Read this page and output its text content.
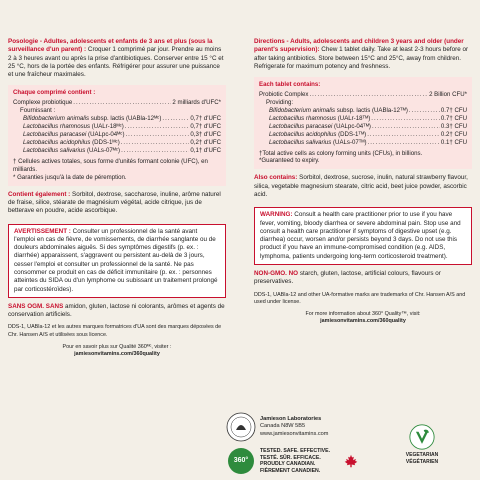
Posologie - Adultes, adolescents et enfants de 3 ans et plus (sous la surveillance d'un parent) : Croquer 1 comprimé par jour. Prendre au moins 2 à 3 heures avant ou après la prise d'antibiotiques. Conserver entre 15 °C et 25 °C, hors de la portée des enfants. Réfrigérer pour assurer une puissance et une fraîcheur maximales.
Chaque comprimé contient :
Complexe probiotique .....	2 milliards d'UFC*
Fournissant :
Bifidobacterium animalis subsp. lactis (UABla-12ᴹᶜ) .....	0,7† d'UFC
Lactobacillus rhamnosus (UALr-18ᴹᶜ) .....	0,7† d'UFC
Lactobacillus paracasei (UALpc-04ᴹᶜ) .....	0,3† d'UFC
Lactobacillus acidophilus (DDS-1ᴹᶜ) .....	0,2† d'UFC
Lactobacillus salivarius (UALs-07ᴹᶜ) .....	0,1† d'UFC
† Cellules actives totales, sous forme d'unités formant colonie (UFC), en milliards.
* Garanties jusqu'à la date de péremption.
Contient également : Sorbitol, dextrose, saccharose, inuline, arôme naturel de fraise, silice, stéarate de magnésium végétal, acide citrique, jus de betterave en poudre, acide ascorbique.
AVERTISSEMENT : Consulter un professionnel de la santé avant l'emploi en cas de fièvre, de vomissements, de diarrhée sanglante ou de douleurs abdominales aiguës. Si des symptômes digestifs (p. ex. : diarrhée) apparaissent, s'aggravent ou persistent au-delà de 3 jours, cesser l'emploi et consulter un professionnel de la santé. Ne pas consommer ce produit en cas de déficit immunitaire (p. ex. : personnes atteintes du SIDA ou d'un lymphome ou subissant un traitement prolongé par corticostéroïdes).
SANS OGM. SANS amidon, gluten, lactose ni colorants, arômes et agents de conservation artificiels.
DDS-1, UABla-12 et les autres marques formatrices d'UA sont des marques déposées de Chr. Hansen A/S et utilisées sous licence.
Pour en savoir plus sur Qualité 360ᴹᶜ, visiter :
jamiesonvitamins.com/360quality
Directions - Adults, adolescents and children 3 years and older (under parent's supervision): Chew 1 tablet daily. Take at least 2-3 hours before or after taking antibiotics. Store between 15°C and 25°C, away from children. Refrigerate for maximum potency and freshness.
Each tablet contains:
Probiotic Complex .....	2 Billion CFU*
Providing:
Bifidobacterium animalis subsp. lactis (UABla-12ᵀᴹ) .....	0.7† CFU
Lactobacillus rhamnosus (UALr-18ᵀᴹ) .....	0.7† CFU
Lactobacillus paracasei (UALpc-04ᵀᴹ) .....	0.3† CFU
Lactobacillus acidophilus (DDS-1ᵀᴹ) .....	0.2† CFU
Lactobacillus salivarius (UALs-07ᵀᴹ) .....	0.1† CFU
†Total active cells as colony forming units (CFUs), in billions.
*Guaranteed to expiry.
Also contains: Sorbitol, dextrose, sucrose, inulin, natural strawberry flavour, silica, vegetable magnesium stearate, citric acid, beet juice powder, ascorbic acid.
WARNING: Consult a health care practitioner prior to use if you have fever, vomiting, bloody diarrhea or severe abdominal pain. Stop use and consult a health care practitioner if symptoms of digestive upset (e.g. diarrhea) occur, worsen and/or persists beyond 3 days. Do not use this product if you have an immune-compromised condition (e.g. AIDS, lymphoma, patients undergoing long-term corticosteroid treatment).
NON-GMO. NO starch, gluten, lactose, artificial colours, flavours or preservatives.
DDS-1, UABla-12 and other UA-formative marks are trademarks of Chr. Hansen A/S and used under license.
For more information about 360° Quality™, visit:
jamiesonvitamins.com/360quality
Jamieson Laboratories
Canada N8W 5B5
www.jamiesonvitamins.com
360°
TESTED. SAFE. EFFECTIVE.
TESTÉ. SÛR. EFFICACE.
PROUDLY CANADIAN.
FIÈREMENT CANADIEN.
VEGETARIAN
VÉGÉTARIEN
